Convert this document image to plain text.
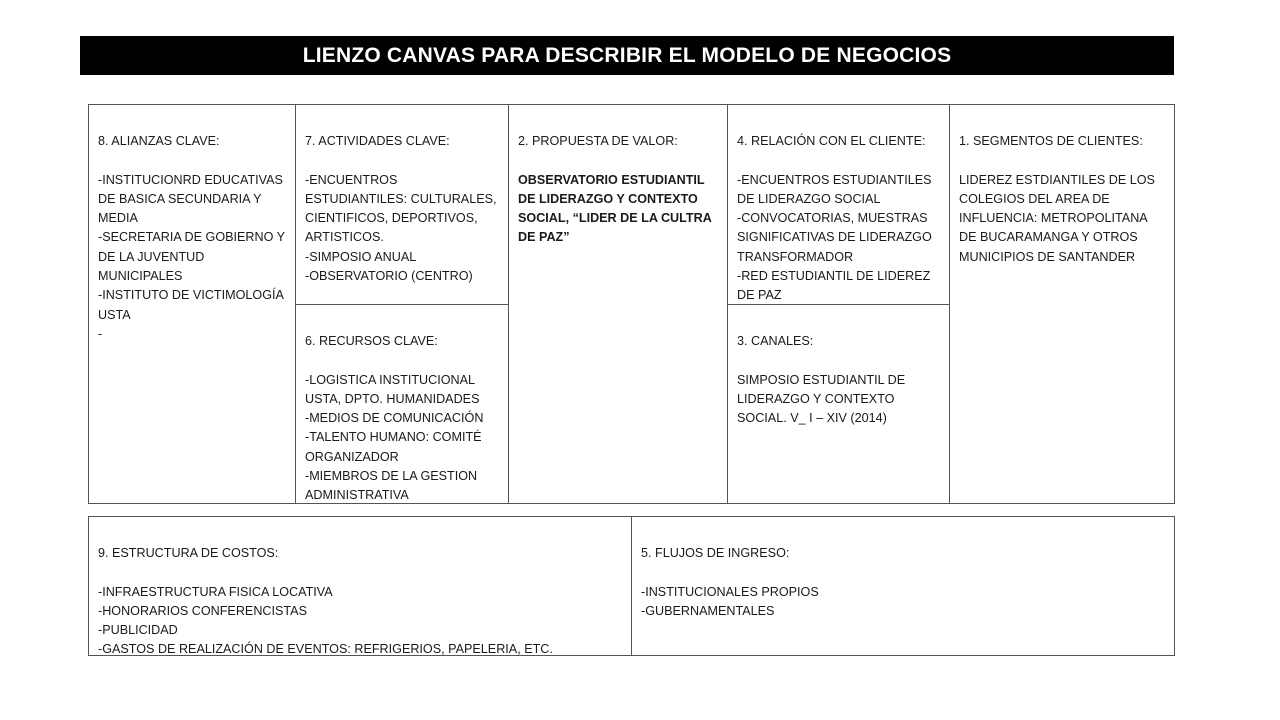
LIENZO CANVAS PARA DESCRIBIR EL MODELO DE NEGOCIOS

8. ALIANZAS CLAVE:
-INSTITUCIONRD EDUCATIVAS DE BASICA SECUNDARIA Y MEDIA
-SECRETARIA DE GOBIERNO Y DE LA JUVENTUD MUNICIPALES
-INSTITUTO DE VICTIMOLOGÍA USTA
-

7. ACTIVIDADES CLAVE:
-ENCUENTROS ESTUDIANTILES: CULTURALES, CIENTIFICOS, DEPORTIVOS, ARTISTICOS.
-SIMPOSIO ANUAL
-OBSERVATORIO (CENTRO)

6. RECURSOS CLAVE:
-LOGISTICA INSTITUCIONAL USTA, DPTO. HUMANIDADES
-MEDIOS DE COMUNICACIÓN
-TALENTO HUMANO: COMITÉ ORGANIZADOR
-MIEMBROS DE LA GESTION ADMINISTRATIVA

2. PROPUESTA DE VALOR:
OBSERVATORIO ESTUDIANTIL DE LIDERAZGO Y CONTEXTO SOCIAL, “LIDER DE LA CULTRA DE PAZ”

4. RELACIÓN CON EL CLIENTE:
-ENCUENTROS ESTUDIANTILES DE LIDERAZGO SOCIAL
-CONVOCATORIAS, MUESTRAS SIGNIFICATIVAS DE LIDERAZGO TRANSFORMADOR
-RED ESTUDIANTIL DE LIDEREZ DE PAZ

3. CANALES:
SIMPOSIO ESTUDIANTIL DE LIDERAZGO Y CONTEXTO SOCIAL. V_ I – XIV (2014)

1. SEGMENTOS DE CLIENTES:
LIDEREZ ESTDIANTILES DE LOS COLEGIOS DEL AREA DE INFLUENCIA: METROPOLITANA DE BUCARAMANGA Y OTROS MUNICIPIOS DE SANTANDER

9. ESTRUCTURA DE COSTOS:
-INFRAESTRUCTURA FISICA LOCATIVA
-HONORARIOS CONFERENCISTAS
-PUBLICIDAD
-GASTOS DE REALIZACIÓN DE EVENTOS: REFRIGERIOS, PAPELERIA, ETC.

5. FLUJOS DE INGRESO:
-INSTITUCIONALES PROPIOS
-GUBERNAMENTALES
